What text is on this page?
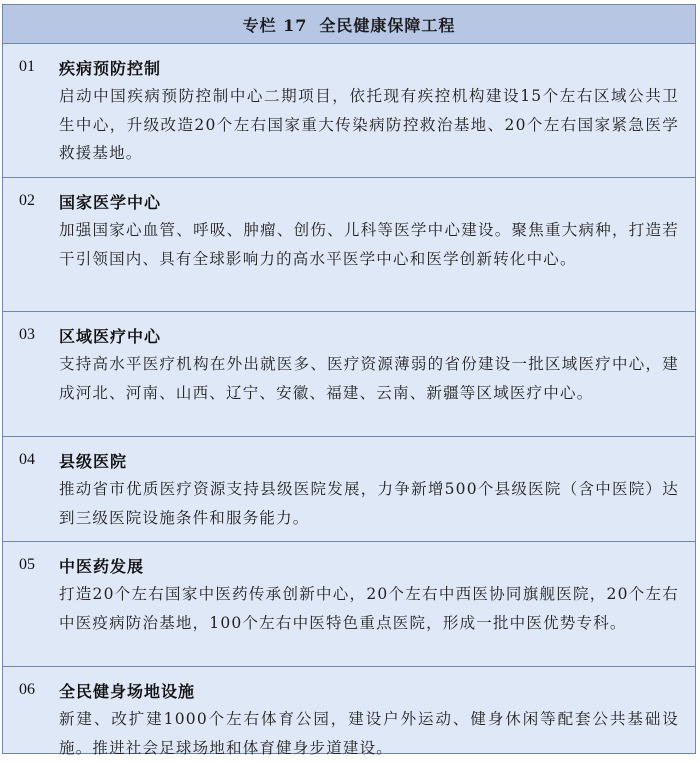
专栏 17 全民健康保障工程
01	疾病预防控制
启动中国疾病预防控制中心二期项目，依托现有疾控机构建设15个左右区域公共卫生中心，升级改造20个左右国家重大传染病防控救治基地、20个左右国家紧急医学救援基地。
02	国家医学中心
加强国家心血管、呼吸、肿瘤、创伤、儿科等医学中心建设。聚焦重大病种，打造若干引领国内、具有全球影响力的高水平医学中心和医学创新转化中心。
03	区域医疗中心
支持高水平医疗机构在外出就医多、医疗资源薄弱的省份建设一批区域医疗中心，建成河北、河南、山西、辽宁、安徽、福建、云南、新疆等区域医疗中心。
04	县级医院
推动省市优质医疗资源支持县级医院发展，力争新增500个县级医院（含中医院）达到三级医院设施条件和服务能力。
05	中医药发展
打造20个左右国家中医药传承创新中心，20个左右中西医协同旗舰医院，20个左右中医疫病防治基地，100个左右中医特色重点医院，形成一批中医优势专科。
06	全民健身场地设施
新建、改扩建1000个左右体育公园，建设户外运动、健身休闲等配套公共基础设施。推进社会足球场地和体育健身步道建设。
